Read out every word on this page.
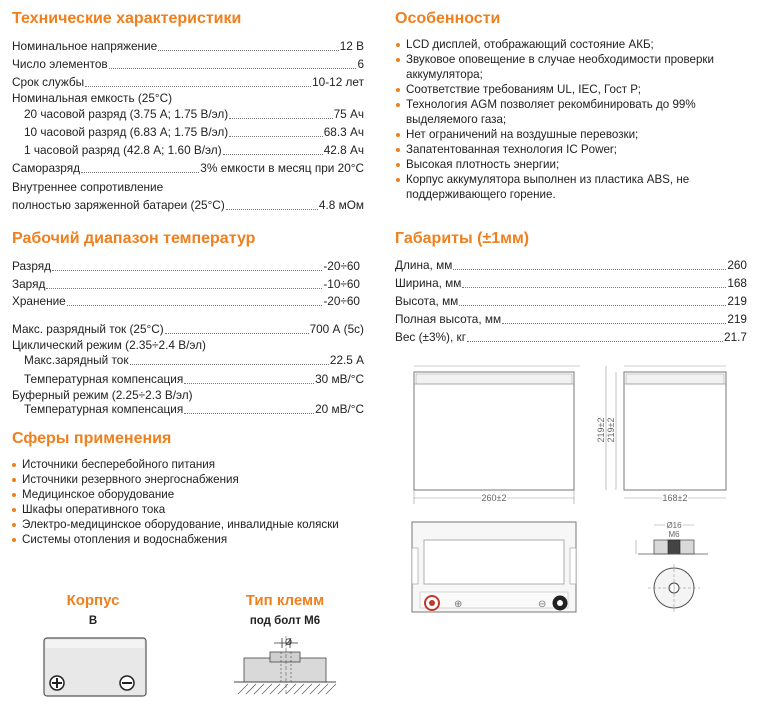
Технические характеристики
Номинальное напряжение	12 В
Число элементов	6
Срок службы	10-12 лет
Номинальная емкость (25°C)
20 часовой разряд (3.75 А; 1.75 В/эл)	75 Ач
10 часовой разряд (6.83 А; 1.75 В/эл)	68.3 Ач
1 часовой разряд (42.8 А; 1.60 В/эл)	42.8 Ач
Саморазряд	3% емкости в месяц при 20°C
Внутреннее сопротивление
полностью заряженной батареи (25°C)	4.8 мОм
Рабочий диапазон температур
Разряд	-20÷60
Заряд	-10÷60
Хранение	-20÷60
Макс. разрядный ток (25°C)	700 А (5с)
Циклический режим (2.35÷2.4 В/эл)
Макс.зарядный ток	22.5 А
Температурная компенсация	30 мВ/°C
Буферный режим (2.25÷2.3 В/эл)
Температурная компенсация	20 мВ/°C
Сферы применения
Источники бесперебойного питания
Источники резервного энергоснабжения
Медицинское оборудование
Шкафы оперативного тока
Электро-медицинское оборудование, инвалидные коляски
Системы отопления и водоснабжения
Корпус
B
Тип клемм
под болт М6
Ø
Особенности
LCD дисплей, отображающий состояние АКБ;
Звуковое оповещение в случае необходимости проверки аккумулятора;
Соответствие требованиям UL, IEC, Гост Р;
Технология AGM позволяет рекомбинировать до 99% выделяемого газа;
Нет ограничений на воздушные перевозки;
Запатентованная технология IC Power;
Высокая плотность энергии;
Корпус аккумулятора выполнен из пластика ABS, не поддерживающего горение.
Габариты (±1мм)
Длина, мм	260
Ширина, мм	168
Высота, мм	219
Полная высота, мм	219
Вес (±3%), кг	21.7
260±2
219±2 219±2
168±2
⊕	⊖
Ø16
M6
